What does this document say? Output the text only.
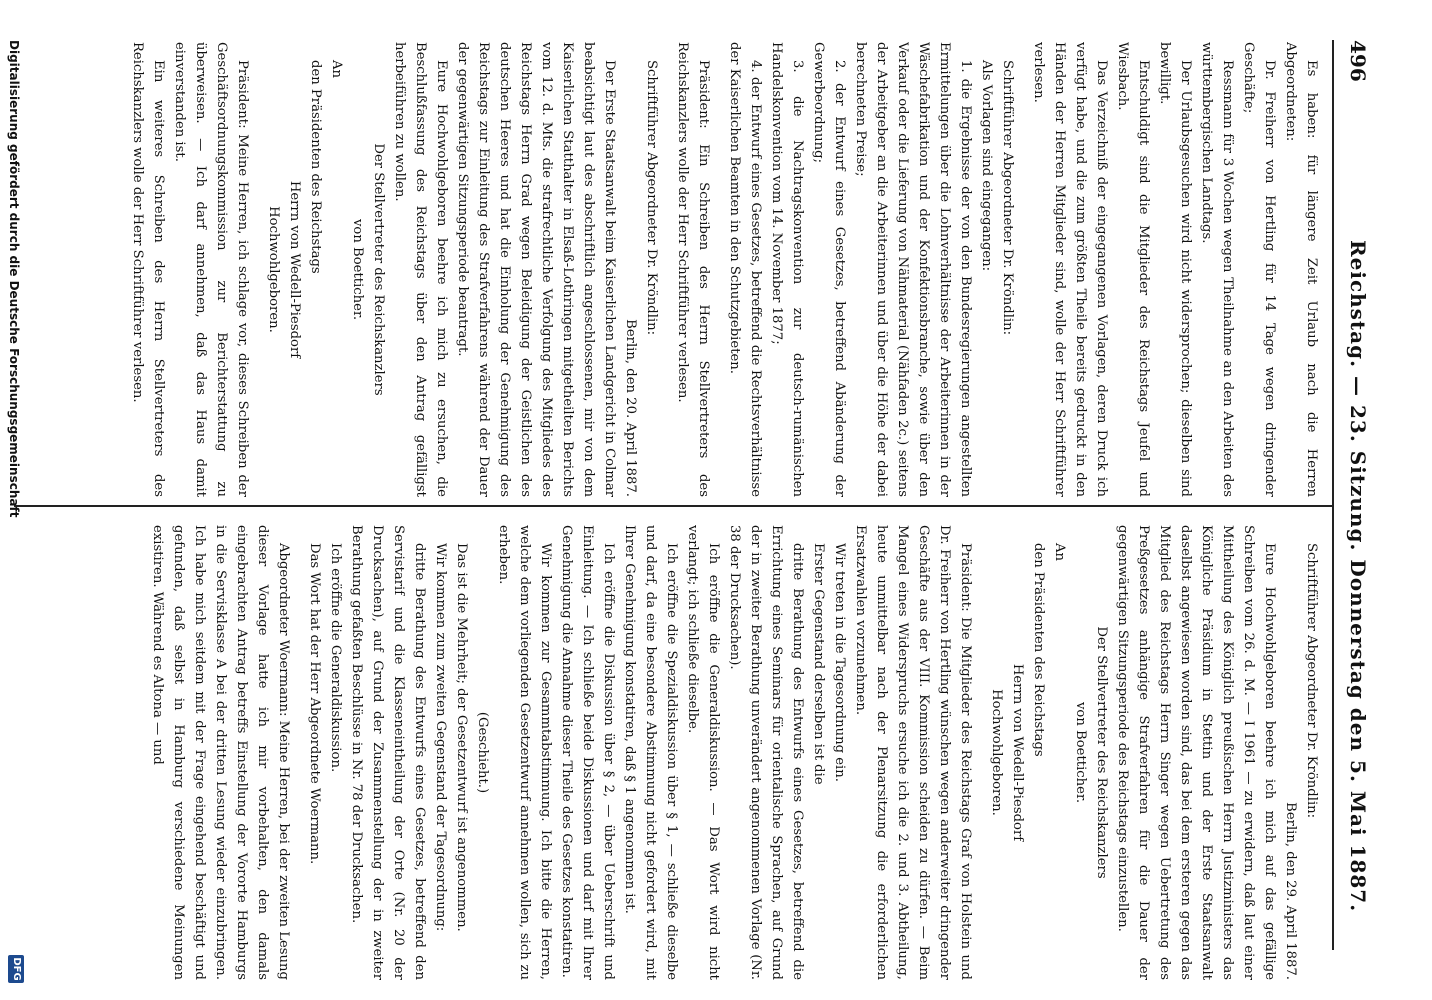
496
Reichstag. — 23. Sitzung. Donnerstag den 5. Mai 1887.

Es haben: für längere Zeit Urlaub nach die Herren Abgeordneten:

Dr. Freiherr von Hertling für 14 Tage wegen dringender Geschäfte;

Ressmann für 3 Wochen wegen Theilnahme an den Arbeiten des württembergischen Landtags.

Der Urlaubsgesuchen wird nicht widersprochen; dieselben sind bewilligt.

Entschuldigt sind die Mitglieder des Reichstags Jeufel und Wiesbach.

Das Verzeichniß der eingegangenen Vorlagen, deren Druck ich verfügt habe, und die zum größten Theile bereits gedruckt in den Händen der Herren Mitglieder sind, wolle der Herr Schriftführer verlesen.

Schriftführer Abgeordneter Dr. Kröndlin:

Als Vorlagen sind eingegangen:

1. die Ergebnisse der von den Bundesregierungen angestellten Ermittelungen über die Lohnverhältnisse der Arbeiterinnen in der Wäschefabrikation und der Konfektionsbranche, sowie über den Verkauf oder die Lieferung von Nähmaterial (Nähfaden 2c.) seitens der Arbeitgeber an die Arbeiterinnen und über die Höhe der dabei berechneten Preise;

2. der Entwurf eines Gesetzes, betreffend Abänderung der Gewerbeordnung;

3. die Nachtragskonvention zur deutsch-rumänischen Handelskonvention vom 14. November 1877;

4. der Entwurf eines Gesetzes, betreffend die Rechtsverhältnisse der Kaiserlichen Beamten in den Schutzgebieten.

Präsident: Ein Schreiben des Herrn Stellvertreters des Reichskanzlers wolle der Herr Schriftführer verlesen.

Schriftführer Abgeordneter Dr. Kröndlin:

Berlin, den 20. April 1887.

Der Erste Staatsanwalt beim Kaiserlichen Landgericht in Colmar beabsichtigt laut des abschriftlich angeschlossenen, mir von dem Kaiserlichen Statthalter in Elsaß-Lothringen mitgetheilten Berichts vom 12. d. Mts. die strafrechtliche Verfolgung des Mitgliedes des Reichstags Herrn Grad wegen Beleidigung der Geistlichen des deutschen Heeres und hat die Einholung der Genehmigung des Reichstags zur Einleitung des Strafverfahrens während der Dauer der gegenwärtigen Sitzungsperiode beantragt.

Eure Hochwohlgeboren beehre ich mich zu ersuchen, die Beschlußfassung des Reichstags über den Antrag gefälligst herbeiführen zu wollen.

Der Stellvertreter des Reichskanzlers

von Boetticher.

An

den Präsidenten des Reichstags

Herrn von Wedell-Piesdorf

Hochwohlgeboren.

Präsident: Meine Herren, ich schlage vor, dieses Schreiben der Geschäftsordnungskommission zur Berichterstattung zu überweisen. — Ich darf annehmen, daß das Haus damit einverstanden ist.

Ein weiteres Schreiben des Herrn Stellvertreters des Reichskanzlers wolle der Herr Schriftführer verlesen.

Schriftführer Abgeordneter Dr. Kröndlin:

Berlin, den 29. April 1887.

Eure Hochwohlgeboren beehre ich mich auf das gefällige Schreiben vom 26. d. M. — I 1961 — zu erwidern, daß laut einer Mittheilung des Königlich preußischen Herrn Justizministers das Königliche Präsidium in Stettin und der Erste Staatsanwalt daselbst angewiesen worden sind, das bei dem ersteren gegen das Mitglied des Reichstags Herrn Singer wegen Uebertretung des Preßgesetzes anhängige Strafverfahren für die Dauer der gegenwärtigen Sitzungsperiode des Reichstags einzustellen.

Der Stellvertreter des Reichskanzlers

von Boetticher.

An

den Präsidenten des Reichstags

Herrn von Wedell-Piesdorf

Hochwohlgeboren.

Präsident: Die Mitglieder des Reichstags Graf von Holstein und Dr. Freiherr von Hertling wünschen wegen anderweiter dringender Geschäfte aus der VIII. Kommission scheiden zu dürfen. — Beim Mangel eines Widerspruchs ersuche ich die 2. und 3. Abtheilung, heute unmittelbar nach der Plenarsitzung die erforderlichen Ersatzwahlen vorzunehmen.

Wir treten in die Tagesordnung ein.

Erster Gegenstand derselben ist die

dritte Berathung des Entwurfs eines Gesetzes, betreffend die Errichtung eines Seminars für orientalische Sprachen, auf Grund der in zweiter Berathung unverändert angenommenen Vorlage (Nr. 38 der Drucksachen).

Ich eröffne die Generaldiskussion. — Das Wort wird nicht verlangt; ich schließe dieselbe.

Ich eröffne die Spezialdiskussion über § 1, — schließe dieselbe und darf, da eine besondere Abstimmung nicht gefordert wird, mit Ihrer Genehmigung konstatiren, daß § 1 angenommen ist.

Ich eröffne die Diskussion über § 2, — über Ueberschrift und Einleitung. — Ich schließe beide Diskussionen und darf mit Ihrer Genehmigung die Annahme dieser Theile des Gesetzes konstatiren.

Wir kommen zur Gesammtabstimmung. Ich bitte die Herren, welche dem vorliegenden Gesetzentwurf annehmen wollen, sich zu erheben.

(Geschieht.)

Das ist die Mehrheit; der Gesetzentwurf ist angenommen.

Wir kommen zum zweiten Gegenstand der Tagesordnung:

dritte Berathung des Entwurfs eines Gesetzes, betreffend den Servistarif und die Klasseneintheilung der Orte (Nr. 20 der Drucksachen), auf Grund der Zusammenstellung der in zweiter Berathung gefaßten Beschlüsse in Nr. 78 der Drucksachen.

Ich eröffne die Generaldiskussion.

Das Wort hat der Herr Abgeordnete Woermann.

Abgeordneter Woermann: Meine Herren, bei der zweiten Lesung dieser Vorlage hatte ich mir vorbehalten, den damals eingebrachten Antrag betreffs Einstellung der Vororte Hamburgs in die Servisklasse A bei der dritten Lesung wieder einzubringen. Ich habe mich seitdem mit der Frage eingehend beschäftigt und gefunden, daß selbst in Hamburg verschiedene Meinungen existiren. Während es Altona — und

Digitalisierung gefördert durch die Deutsche Forschungsgemeinschaft
DFG
